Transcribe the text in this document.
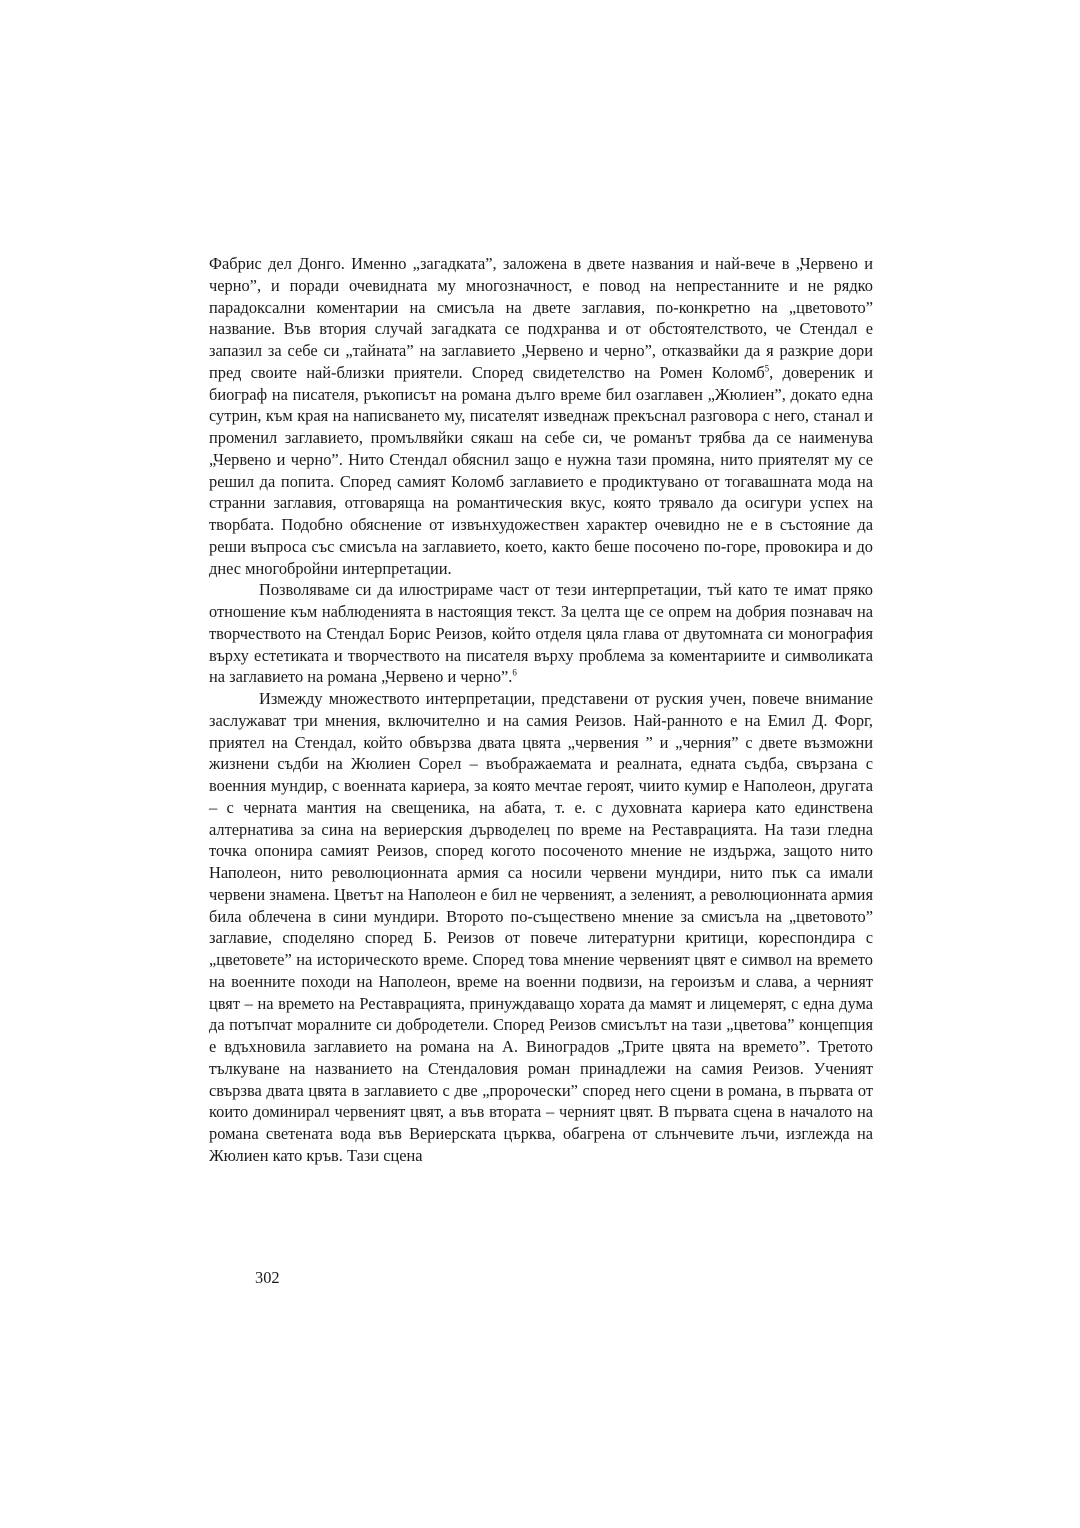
Фабрис дел Донго. Именно „загадката”, заложена в двете названия и най-вече в „Червено и черно”, и поради очевидната му многозначност, е повод на непрестанните и не рядко парадоксални коментарии на смисъла на двете заглавия, по-конкретно на „цветовото” название. Във втория случай загадката се подхранва и от обстоятелството, че Стендал е запазил за себе си „тайната” на заглавието „Червено и черно”, отказвайки да я разкрие дори пред своите най-близки приятели. Според свидетелство на Ромен Коломб$^5$, довереник и биограф на писателя, ръкописът на романа дълго време бил озаглавен „Жюлиен”, докато една сутрин, към края на написването му, писателят изведнаж прекъснал разговора с него, станал и променил заглавието, промълвяйки сякаш на себе си, че романът трябва да се наименува „Червено и черно”. Нито Стендал обяснил защо е нужна тази промяна, нито приятелят му се решил да попита. Според самият Коломб заглавието е продиктувано от тогавашната мода на странни заглавия, отговаряща на романтическия вкус, която трявало да осигури успех на творбата. Подобно обяснение от извънхудожествен характер очевидно не е в състояние да реши въпроса със смисъла на заглавието, което, както беше посочено по-горе, провокира и до днес многобройни интерпретации.

Позволяваме си да илюстрираме част от тези интерпретации, тъй като те имат пряко отношение към наблюденията в настоящия текст. За целта ще се опрем на добрия познавач на творчеството на Стендал Борис Реизов, който отделя цяла глава от двутомната си монография върху естетиката и творчеството на писателя върху проблема за коментариите и символиката на заглавието на романа „Червено и черно”.$^6$

Измежду множеството интерпретации, представени от руския учен, повече внимание заслужават три мнения, включително и на самия Реизов. Най-ранното е на Емил Д. Форг, приятел на Стендал, който обвързва двата цвята „червения ” и „черния” с двете възможни жизнени съдби на Жюлиен Сорел – въображаемата и реалната, едната съдба, свързана с военния мундир, с военната кариера, за която мечтае героят, чиито кумир е Наполеон, другата – с черната мантия на свещеника, на абата, т. е. с духовната кариера като единствена алтернатива за сина на вериерския дърводелец по време на Реставрацията. На тази гледна точка опонира самият Реизов, според когото посоченото мнение не издържа, защото нито Наполеон, нито революционната армия са носили червени мундири, нито пък са имали червени знамена. Цветът на Наполеон е бил не червеният, а зеленият, а революционната армия била облечена в сини мундири. Второто по-съществено мнение за смисъла на „цветовото” заглавие, споделяно според Б. Реизов от повече литературни критици, кореспондира с „цветовете” на историческото време. Според това мнение червеният цвят е символ на времето на военните походи на Наполеон, време на военни подвизи, на героизъм и слава, а черният цвят – на времето на Реставрацията, принуждаващо хората да мамят и лицемерят, с една дума да потъпчат моралните си добродетели. Според Реизов смисълът на тази „цветова” концепция е вдъхновила заглавието на романа на А. Виноградов „Трите цвята на времето”. Третото тълкуване на названието на Стендаловия роман принадлежи на самия Реизов. Ученият свързва двата цвята в заглавието с две „пророчески” според него сцени в романа, в първата от които доминирал червеният цвят, а във втората – черният цвят. В първата сцена в началото на романа светената вода във Вериерската църква, обагрена от слънчевите лъчи, изглежда на Жюлиен като кръв. Тази сцена

302
